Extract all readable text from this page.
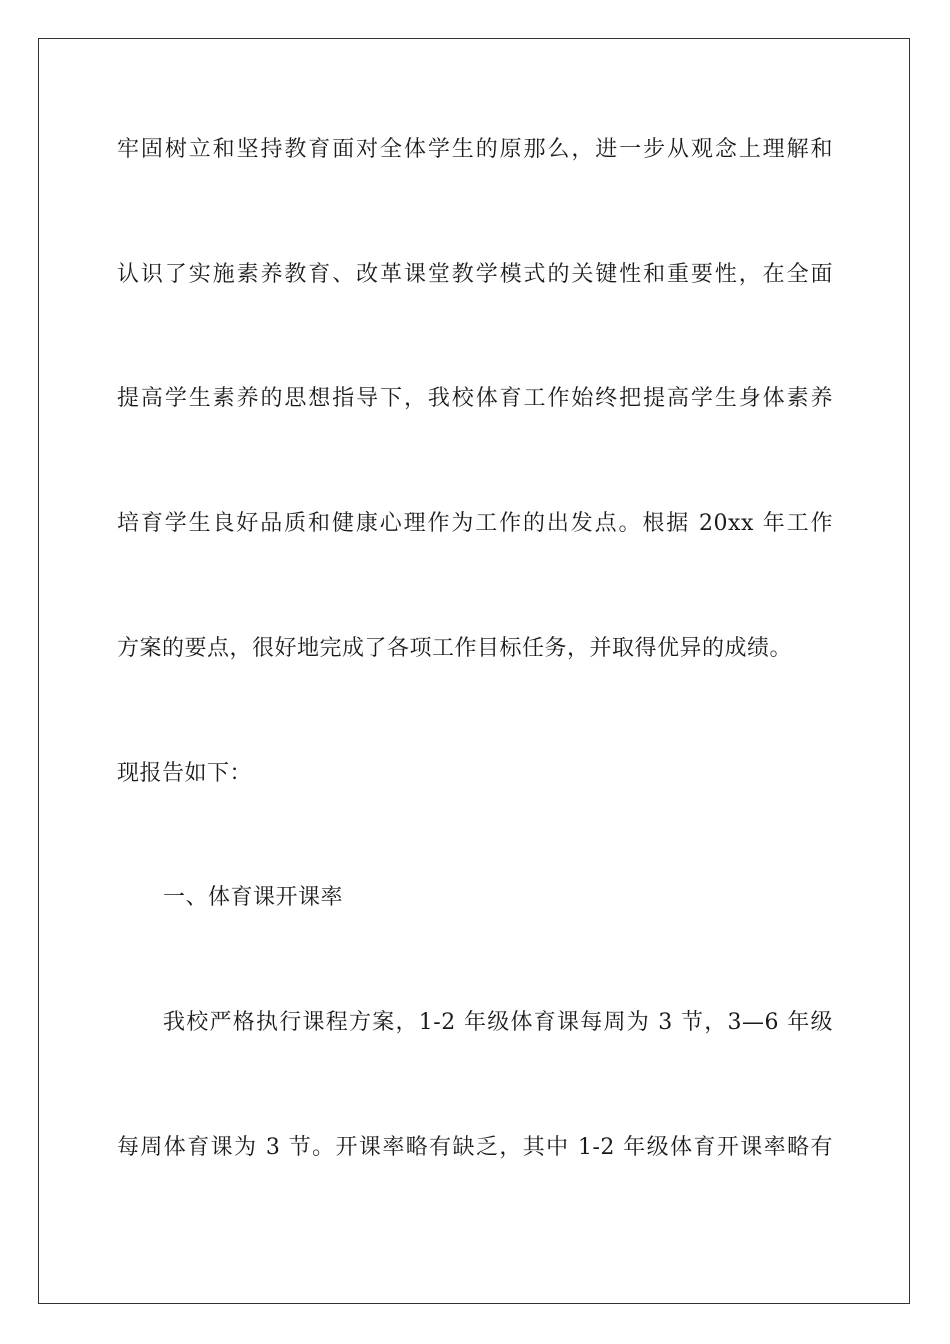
牢固树立和坚持教育面对全体学生的原那么，进一步从观念上理解和
认识了实施素养教育、改革课堂教学模式的关键性和重要性，在全面
提高学生素养的思想指导下，我校体育工作始终把提高学生身体素养
培育学生良好品质和健康心理作为工作的出发点。根据 20xx 年工作
方案的要点，很好地完成了各项工作目标任务，并取得优异的成绩。
现报告如下：
一、体育课开课率
我校严格执行课程方案，1-2 年级体育课每周为 3 节，3—6 年级
每周体育课为 3 节。开课率略有缺乏，其中 1-2 年级体育开课率略有
